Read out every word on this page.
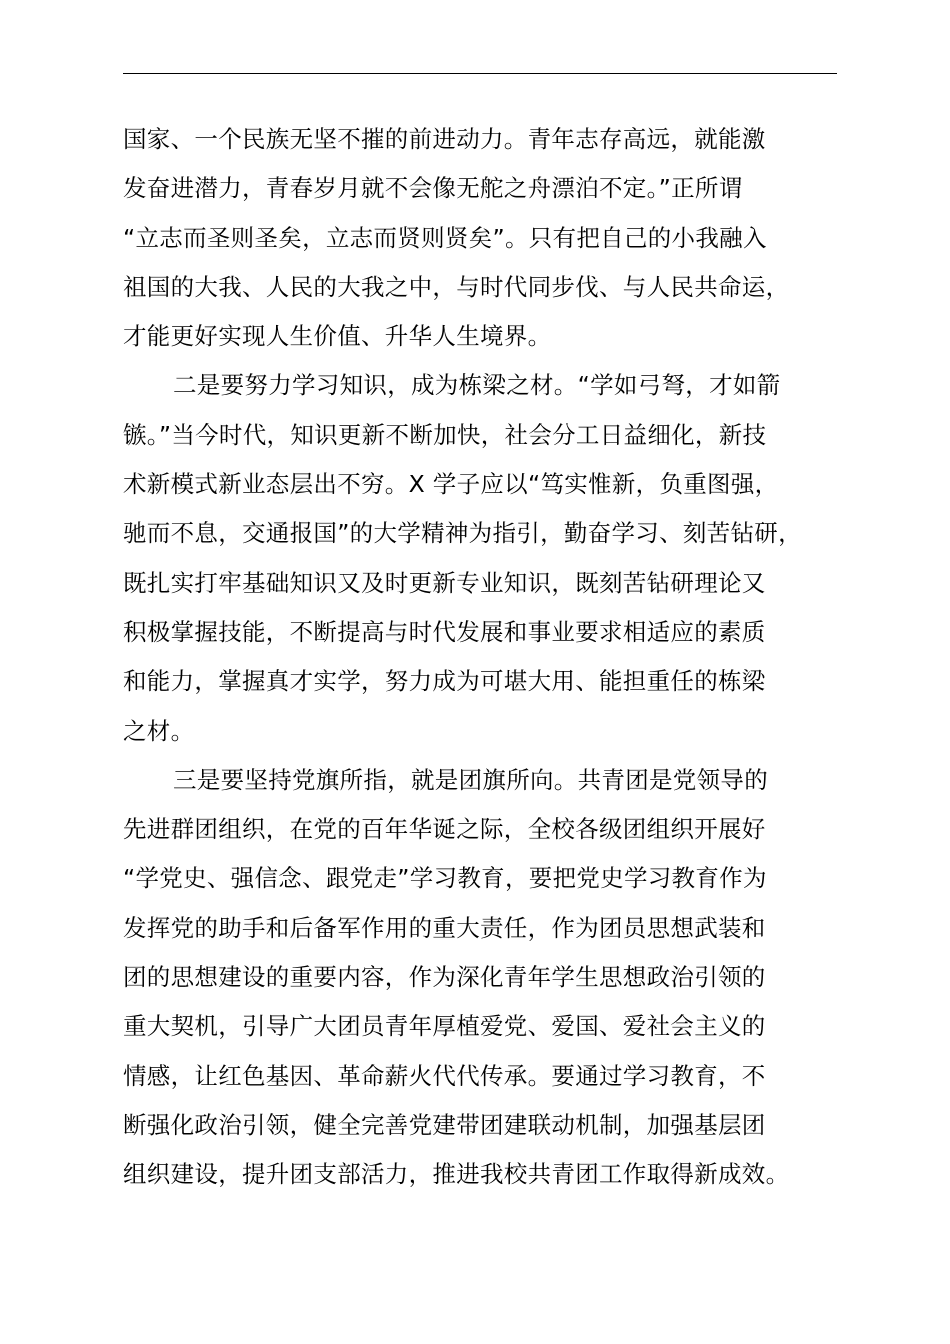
国家、一个民族无坚不摧的前进动力。青年志存高远，就能激
发奋进潜力，青春岁月就不会像无舵之舟漂泊不定。”正所谓
“立志而圣则圣矣，立志而贤则贤矣”。只有把自己的小我融入
祖国的大我、人民的大我之中，与时代同步伐、与人民共命运，
才能更好实现人生价值、升华人生境界。
二是要努力学习知识，成为栋梁之材。“学如弓弩，才如箭
镞。”当今时代，知识更新不断加快，社会分工日益细化，新技
术新模式新业态层出不穷。X 学子应以“笃实惟新，负重图强，
驰而不息，交通报国”的大学精神为指引，勤奋学习、刻苦钻研，
既扎实打牢基础知识又及时更新专业知识，既刻苦钻研理论又
积极掌握技能，不断提高与时代发展和事业要求相适应的素质
和能力，掌握真才实学，努力成为可堪大用、能担重任的栋梁
之材。
三是要坚持党旗所指，就是团旗所向。共青团是党领导的
先进群团组织，在党的百年华诞之际，全校各级团组织开展好
“学党史、强信念、跟党走”学习教育，要把党史学习教育作为
发挥党的助手和后备军作用的重大责任，作为团员思想武装和
团的思想建设的重要内容，作为深化青年学生思想政治引领的
重大契机，引导广大团员青年厚植爱党、爱国、爱社会主义的
情感，让红色基因、革命薪火代代传承。要通过学习教育，不
断强化政治引领，健全完善党建带团建联动机制，加强基层团
组织建设，提升团支部活力，推进我校共青团工作取得新成效。
